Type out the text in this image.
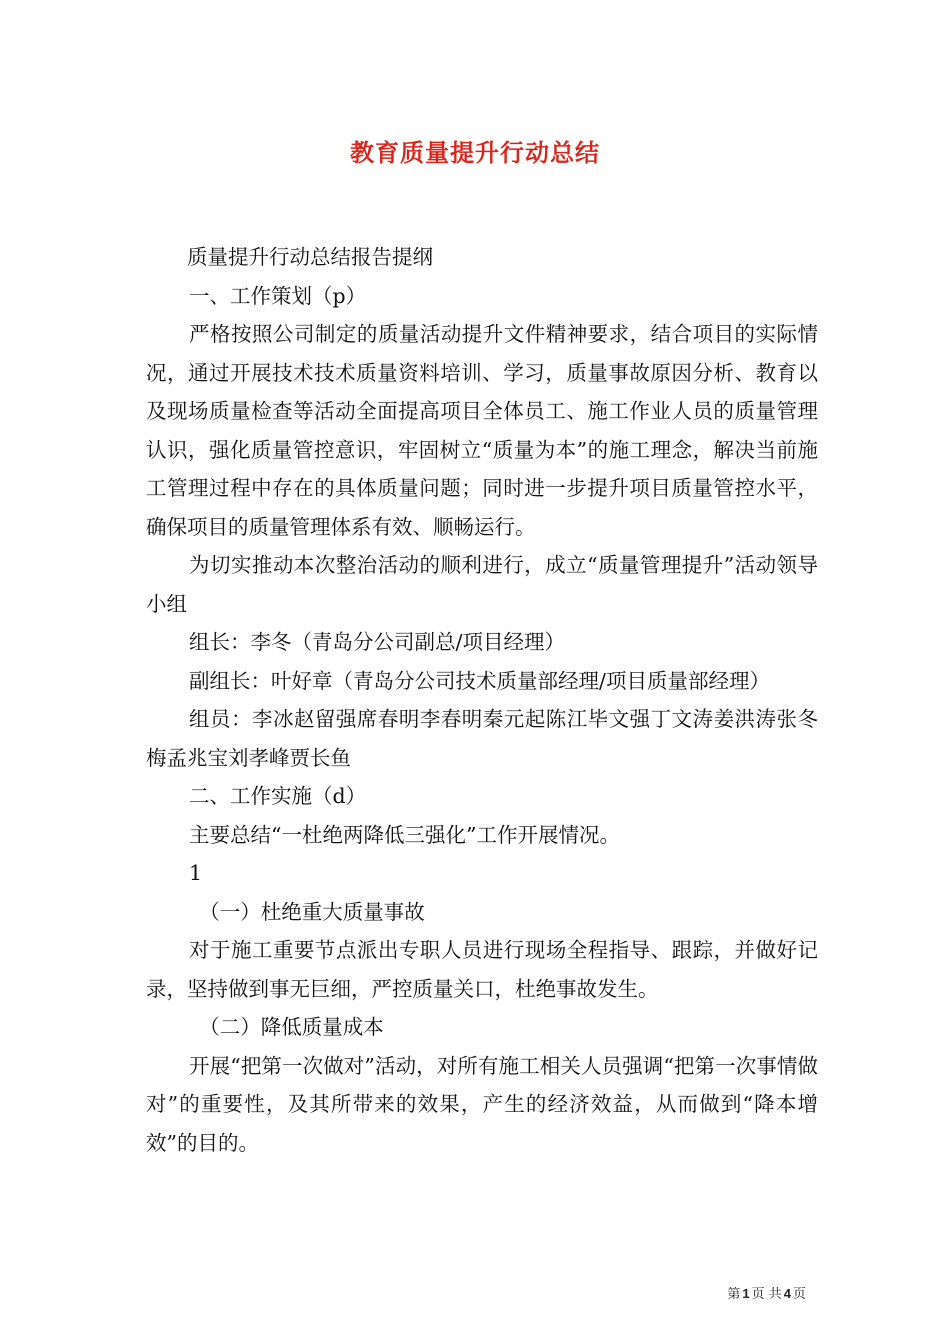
教育质量提升行动总结

质量提升行动总结报告提纲

一、工作策划（p）

严格按照公司制定的质量活动提升文件精神要求，结合项目的实际情况，通过开展技术技术质量资料培训、学习，质量事故原因分析、教育以及现场质量检查等活动全面提高项目全体员工、施工作业人员的质量管理认识，强化质量管控意识，牢固树立“质量为本”的施工理念，解决当前施工管理过程中存在的具体质量问题；同时进一步提升项目质量管控水平，确保项目的质量管理体系有效、顺畅运行。

为切实推动本次整治活动的顺利进行，成立“质量管理提升”活动领导小组

组长：李冬（青岛分公司副总/项目经理）

副组长：叶好章（青岛分公司技术质量部经理/项目质量部经理）

组员：李冰赵留强席春明李春明秦元起陈江毕文强丁文涛姜洪涛张冬梅孟兆宝刘孝峰贾长鱼

二、工作实施（d）

主要总结“一杜绝两降低三强化”工作开展情况。

1

（一）杜绝重大质量事故

对于施工重要节点派出专职人员进行现场全程指导、跟踪，并做好记录，坚持做到事无巨细，严控质量关口，杜绝事故发生。

（二）降低质量成本

开展“把第一次做对”活动，对所有施工相关人员强调“把第一次事情做对”的重要性，及其所带来的效果，产生的经济效益，从而做到“降本增效”的目的。

第 1 页 共 4 页
